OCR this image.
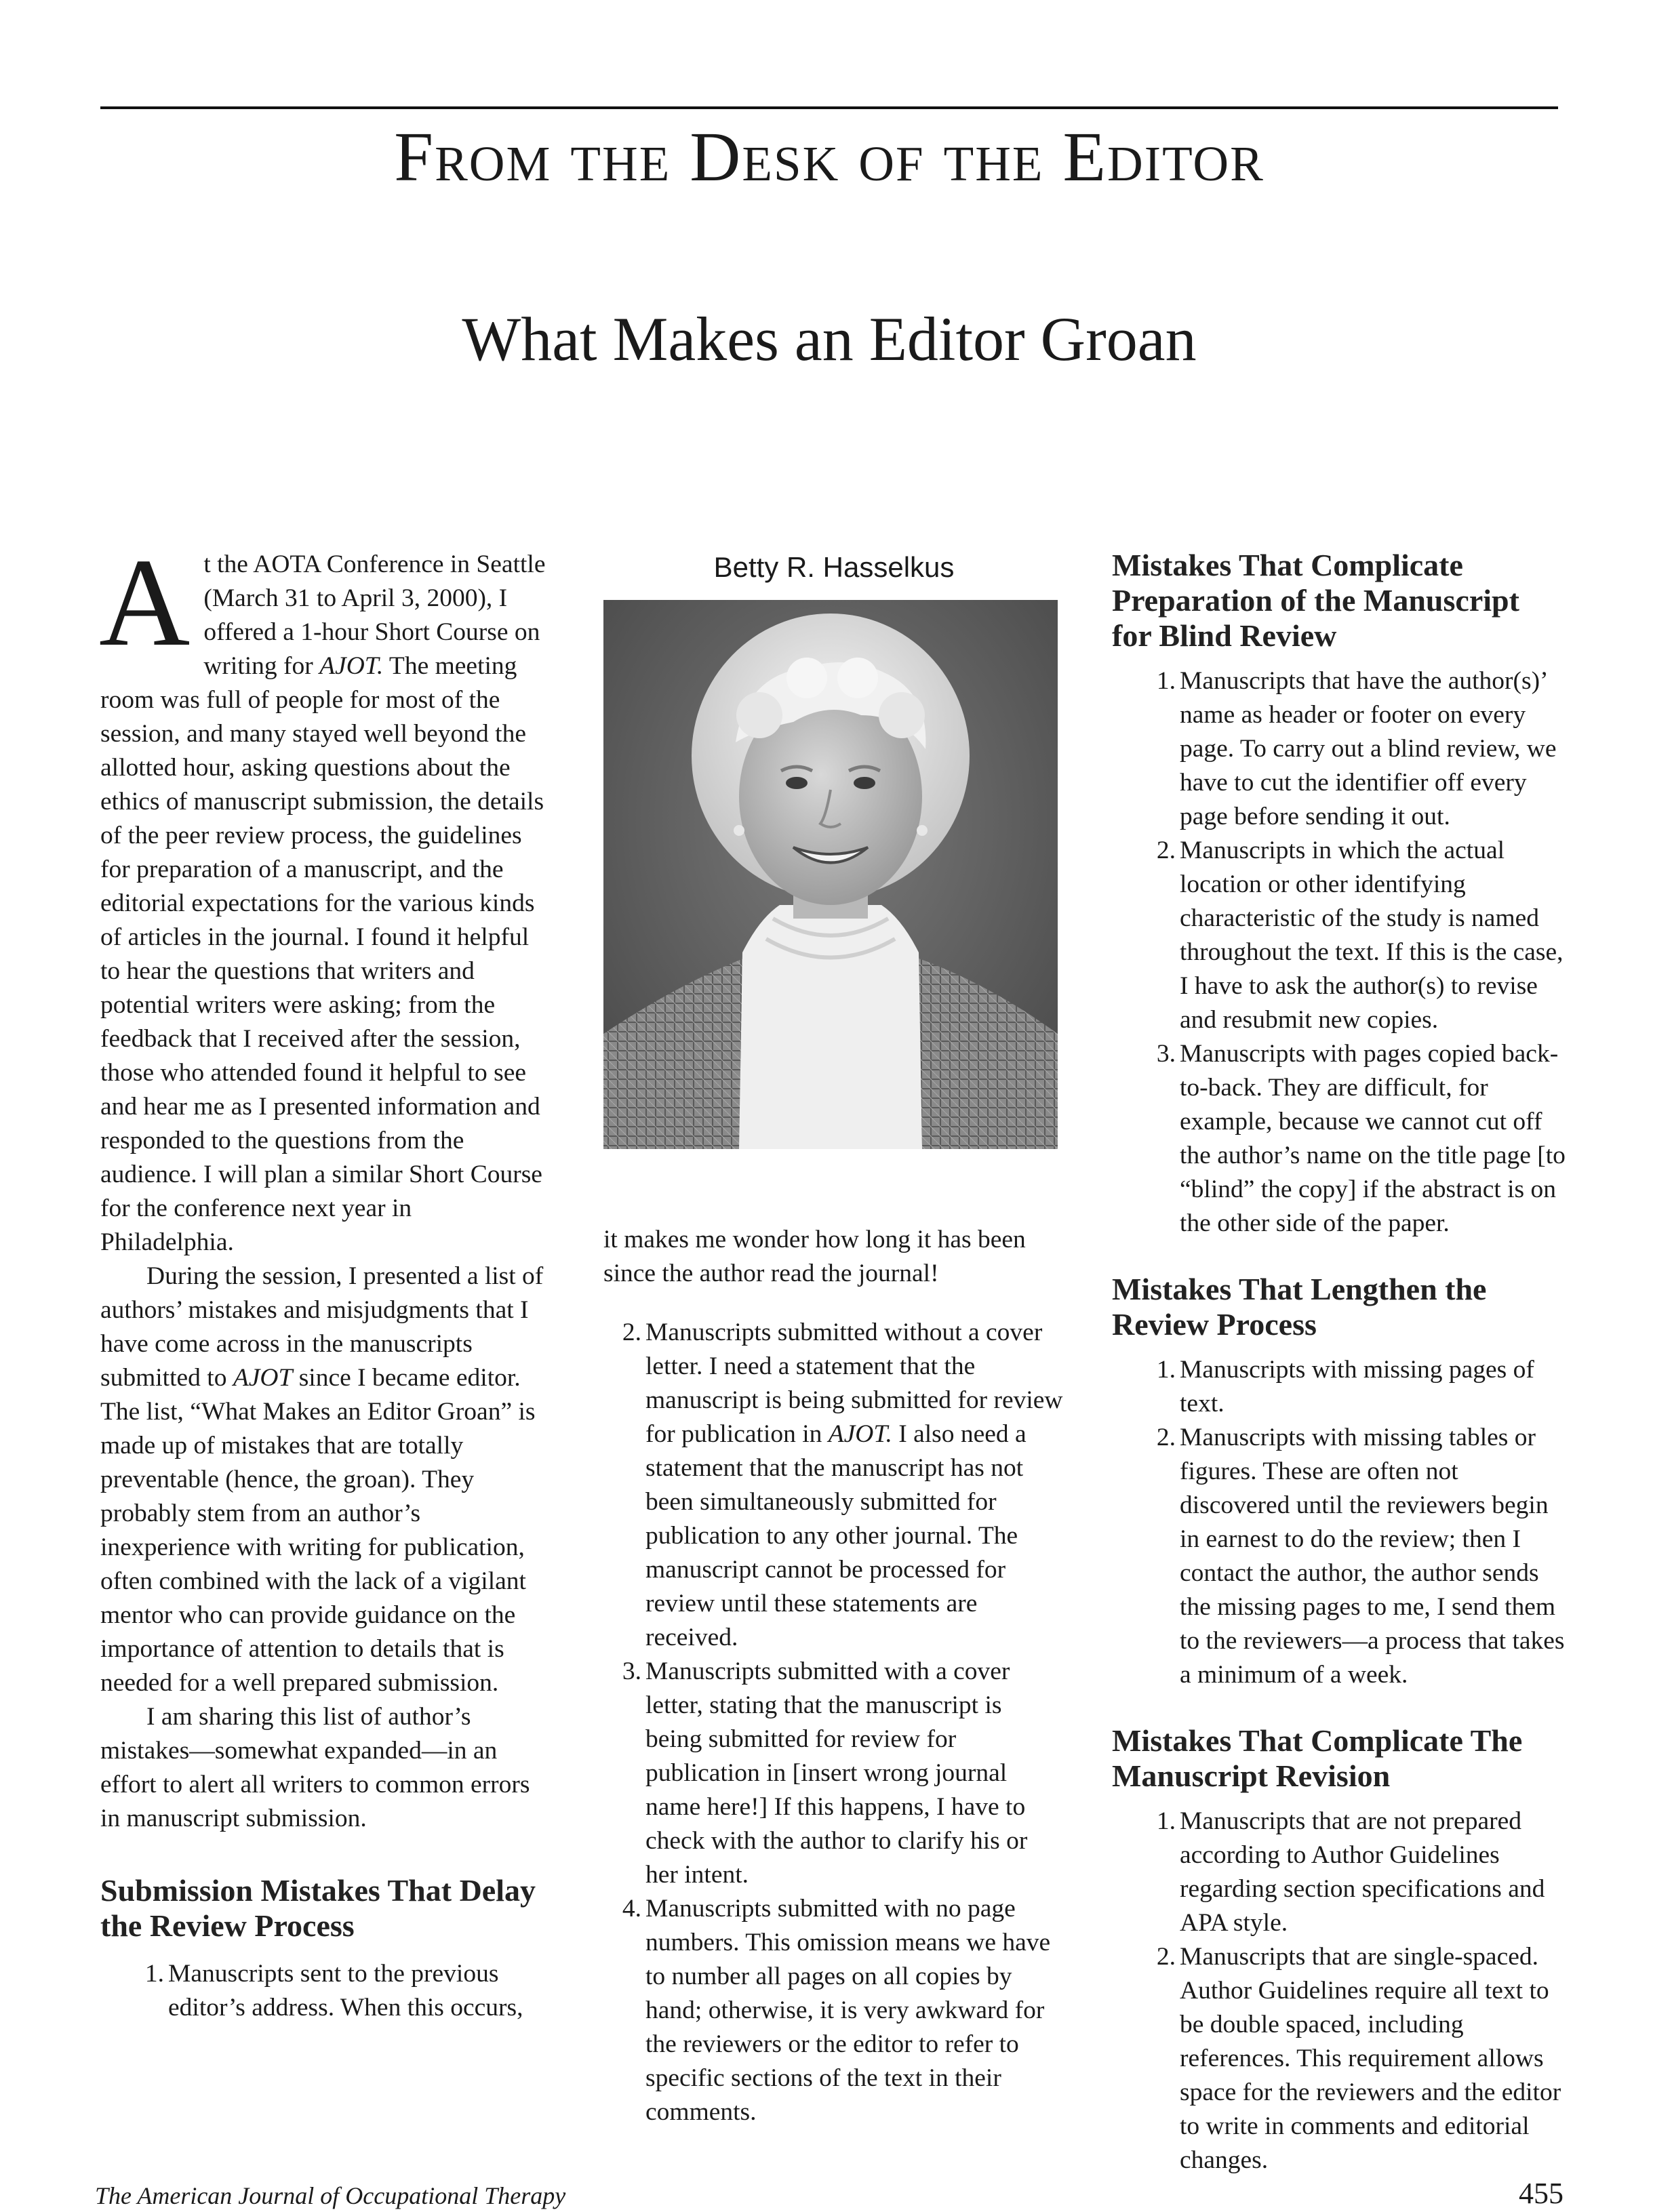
From the Desk of the Editor
What Makes an Editor Groan

At the AOTA Conference in Seattle (March 31 to April 3, 2000), I offered a 1-hour Short Course on writing for AJOT. The meeting room was full of people for most of the session, and many stayed well beyond the allotted hour, asking questions about the ethics of manuscript submission, the details of the peer review process, the guidelines for preparation of a manuscript, and the editorial expectations for the various kinds of articles in the journal. I found it helpful to hear the questions that writers and potential writers were asking; from the feedback that I received after the session, those who attended found it helpful to see and hear me as I presented information and responded to the questions from the audience. I will plan a similar Short Course for the conference next year in Philadelphia.

During the session, I presented a list of authors’ mistakes and misjudgments that I have come across in the manuscripts submitted to AJOT since I became editor. The list, “What Makes an Editor Groan” is made up of mistakes that are totally preventable (hence, the groan). They probably stem from an author’s inexperience with writing for publication, often combined with the lack of a vigilant mentor who can provide guidance on the importance of attention to details that is needed for a well prepared submission.

I am sharing this list of author’s mistakes—somewhat expanded—in an effort to alert all writers to common errors in manuscript submission.

Submission Mistakes That Delay the Review Process
1. Manuscripts sent to the previous editor’s address. When this occurs,

Betty R. Hasselkus

it makes me wonder how long it has been since the author read the journal!

2. Manuscripts submitted without a cover letter. I need a statement that the manuscript is being submitted for review for publication in AJOT. I also need a statement that the manuscript has not been simultaneously submitted for publication to any other journal. The manuscript cannot be processed for review until these statements are received.
3. Manuscripts submitted with a cover letter, stating that the manuscript is being submitted for review for publication in [insert wrong journal name here!] If this happens, I have to check with the author to clarify his or her intent.
4. Manuscripts submitted with no page numbers. This omission means we have to number all pages on all copies by hand; otherwise, it is very awkward for the reviewers or the editor to refer to specific sections of the text in their comments.
Mistakes That Complicate Preparation of the Manuscript for Blind Review
1. Manuscripts that have the author(s)’ name as header or footer on every page. To carry out a blind review, we have to cut the identifier off every page before sending it out.
2. Manuscripts in which the actual location or other identifying characteristic of the study is named throughout the text. If this is the case, I have to ask the author(s) to revise and resubmit new copies.
3. Manuscripts with pages copied back-to-back. They are difficult, for example, because we cannot cut off the author’s name on the title page [to “blind” the copy] if the abstract is on the other side of the paper.
Mistakes That Lengthen the Review Process
1. Manuscripts with missing pages of text.
2. Manuscripts with missing tables or figures. These are often not discovered until the reviewers begin in earnest to do the review; then I contact the author, the author sends the missing pages to me, I send them to the reviewers—a process that takes a minimum of a week.
Mistakes That Complicate The Manuscript Revision
1. Manuscripts that are not prepared according to Author Guidelines regarding section specifications and APA style.
2. Manuscripts that are single-spaced. Author Guidelines require all text to be double spaced, including references. This requirement allows space for the reviewers and the editor to write in comments and editorial changes.

The American Journal of Occupational Therapy	455
